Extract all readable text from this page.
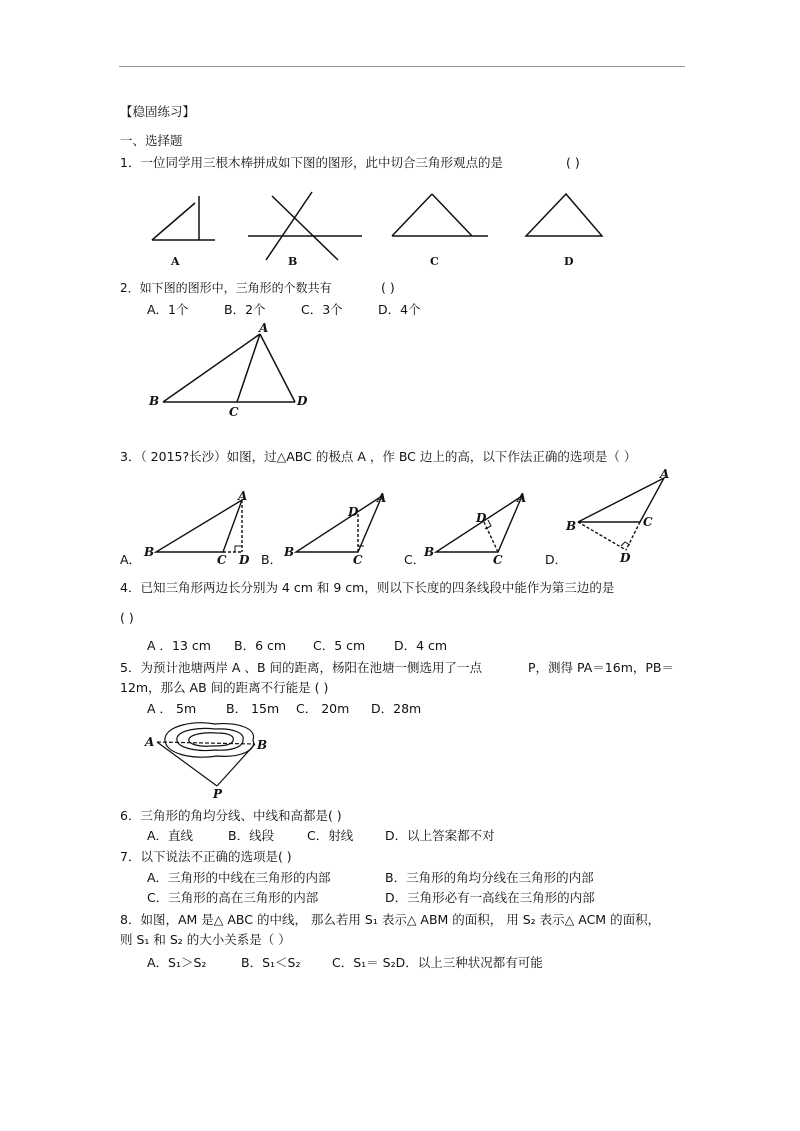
【稳固练习】
一、选择题
1．一位同学用三根木棒拼成如下图的图形，此中切合三角形观点的是	( )
A	B	C	D
2．如下图的图形中，三角形的个数共有	( )
A．1个	B．2个	C．3个	D．4个
A
B
C
D
3．（ 2015?长沙）如图，过△ABC 的极点 A ，作 BC 边上的高，以下作法正确的选项是（ ）
A
B
C D
A
B
C
D
A
B
C
D
A
B	C
D
A．	B．	C．	D．
4．已知三角形两边长分别为 4 cm 和 9 cm，则以下长度的四条线段中能作为第三边的是
( )
A ．13 cm B．6 cm C．5 cm D．4 cm
5．为预计池塘两岸 A 、B 间的距离，杨阳在池塘一侧选用了一点	P，测得 PA＝16m，PB＝
12m，那么 AB 间的距离不行能是 ( )
A ． 5m B． 15m C． 20m D．28m
A	B
P
6．三角形的角均分线、中线和高都是( )
A．直线	B．线段	C．射线	D．以上答案都不对
7．以下说法不正确的选项是( )
A．三角形的中线在三角形的内部	B．三角形的角均分线在三角形的内部
C．三角形的高在三角形的内部	D．三角形必有一高线在三角形的内部
8．如图，AM 是△ ABC 的中线， 那么若用 S₁ 表示△ ABM 的面积， 用 S₂ 表示△ ACM 的面积，
则 S₁ 和 S₂ 的大小关系是（ ）
A．S₁＞S₂	B．S₁＜S₂	C．S₁＝ S₂D．以上三种状况都有可能
